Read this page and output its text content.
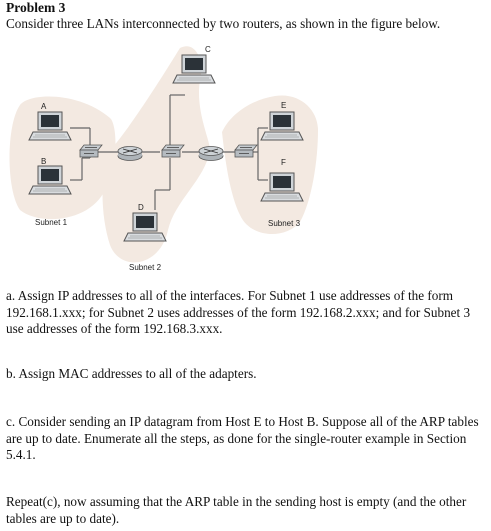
Problem 3
Consider three LANs interconnected by two routers, as shown in the figure below.
A
B
C
D
E
F
Subnet 1
Subnet 2
Subnet 3
a. Assign IP addresses to all of the interfaces. For Subnet 1 use addresses of the form 192.168.1.xxx; for Subnet 2 uses addresses of the form 192.168.2.xxx; and for Subnet 3 use addresses of the form 192.168.3.xxx.
b. Assign MAC addresses to all of the adapters.
c. Consider sending an IP datagram from Host E to Host B. Suppose all of the ARP tables are up to date. Enumerate all the steps, as done for the single-router example in Section 5.4.1.
Repeat(c), now assuming that the ARP table in the sending host is empty (and the other tables are up to date).
